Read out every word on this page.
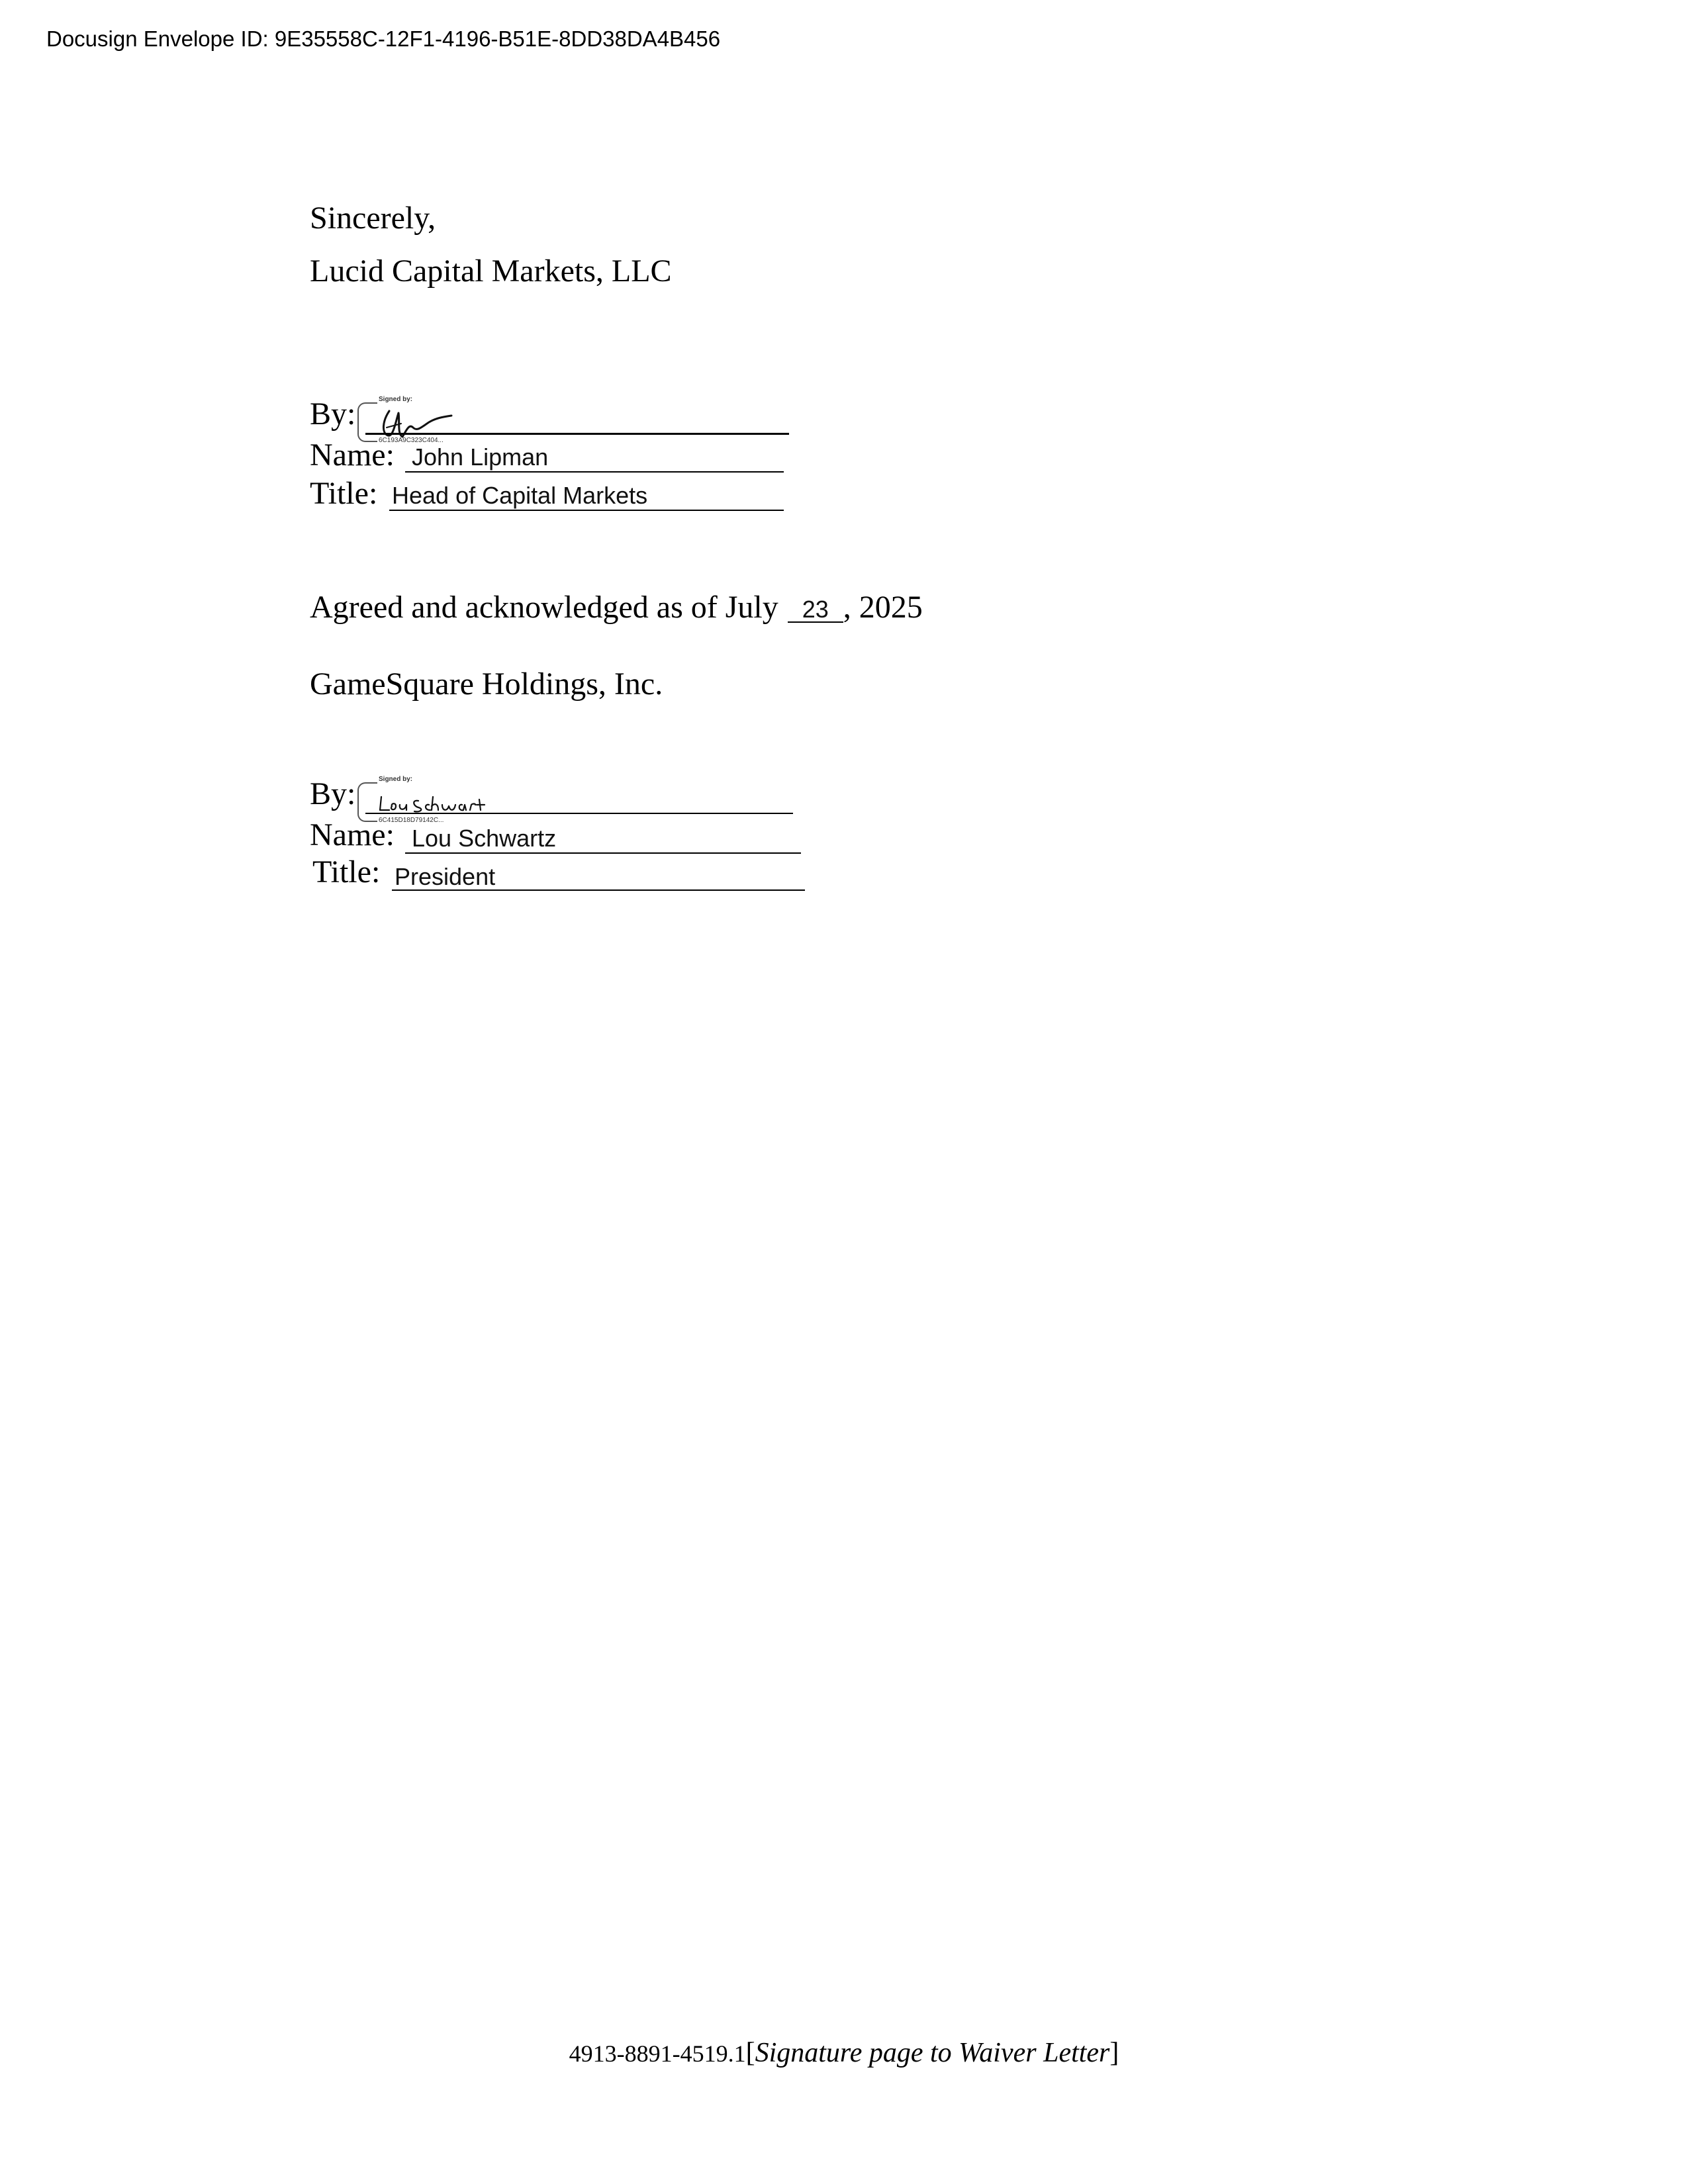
Docusign Envelope ID: 9E35558C-12F1-4196-B51E-8DD38DA4B456
Sincerely,
Lucid Capital Markets, LLC
By:	Signed by:
6C193A9C323C404...
Name: John Lipman
Title: Head of Capital Markets
Agreed and acknowledged as of July 23 , 2025
GameSquare Holdings, Inc.
By:	Signed by:
6C415D18D79142C...
Name: Lou Schwartz
Title: President
4913-8891-4519.1[Signature page to Waiver Letter]
